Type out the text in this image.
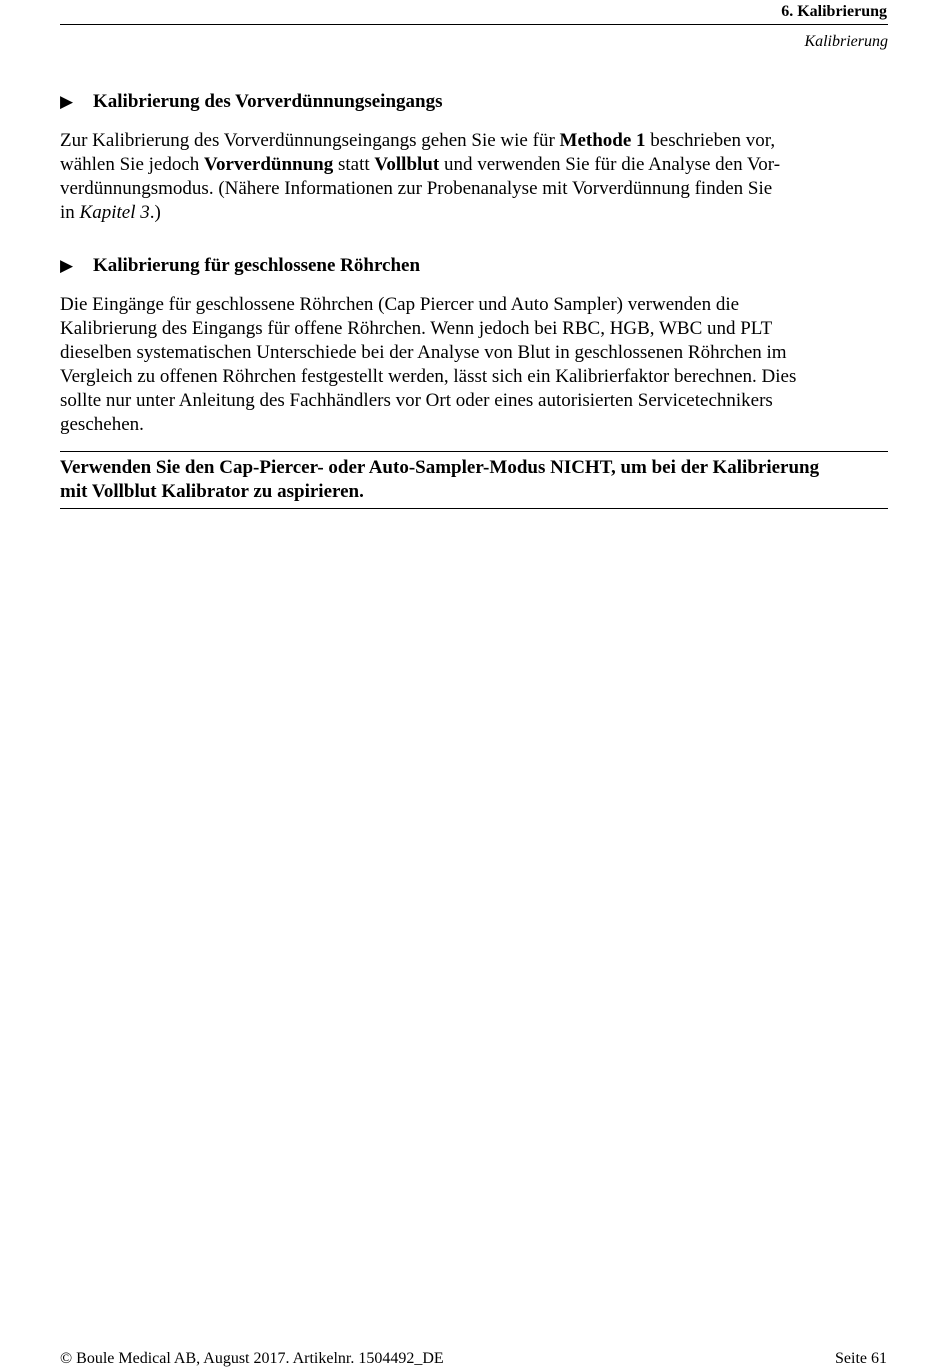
6. Kalibrierung

Kalibrierung

▶ Kalibrierung des Vorverdünnungseingangs

Zur Kalibrierung des Vorverdünnungseingangs gehen Sie wie für Methode 1 beschrieben vor,

wählen Sie jedoch Vorverdünnung statt Vollblut und verwenden Sie für die Analyse den Vor-

verdünnungsmodus. (Nähere Informationen zur Probenanalyse mit Vorverdünnung finden Sie

in Kapitel 3.)

▶ Kalibrierung für geschlossene Röhrchen

Die Eingänge für geschlossene Röhrchen (Cap Piercer und Auto Sampler) verwenden die

Kalibrierung des Eingangs für offene Röhrchen. Wenn jedoch bei RBC, HGB, WBC und PLT

dieselben systematischen Unterschiede bei der Analyse von Blut in geschlossenen Röhrchen im

Vergleich zu offenen Röhrchen festgestellt werden, lässt sich ein Kalibrierfaktor berechnen. Dies

sollte nur unter Anleitung des Fachhändlers vor Ort oder eines autorisierten Servicetechnikers

geschehen.

Verwenden Sie den Cap-Piercer- oder Auto-Sampler-Modus NICHT, um bei der Kalibrierung
mit Vollblut Kalibrator zu aspirieren.

© Boule Medical AB, August 2017. Artikelnr. 1504492_DE	Seite 61
